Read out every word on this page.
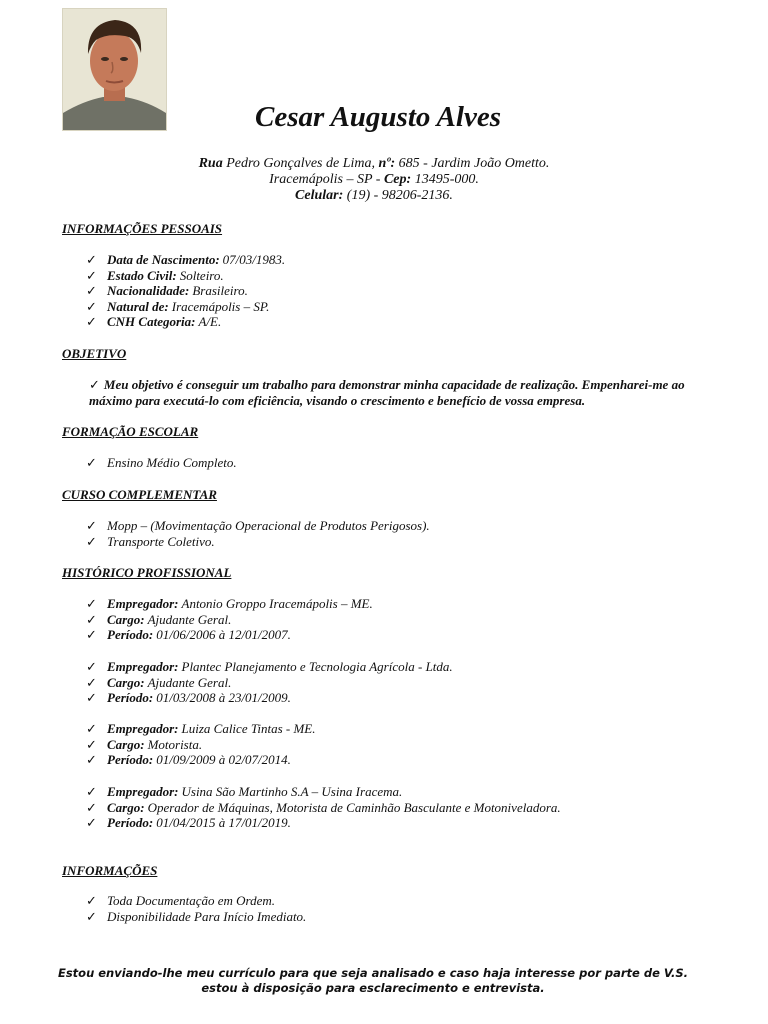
Cesar Augusto Alves
Rua Pedro Gonçalves de Lima, nº: 685 - Jardim João Ometto.
Iracemápolis – SP - Cep: 13495-000.
Celular: (19) - 98206-2136.
INFORMAÇÕES PESSOAIS
✓ Data de Nascimento: 07/03/1983.
✓ Estado Civil: Solteiro.
✓ Nacionalidade: Brasileiro.
✓ Natural de: Iracemápolis – SP.
✓ CNH Categoria: A/E.
OBJETIVO
✓ Meu objetivo é conseguir um trabalho para demonstrar minha capacidade de realização. Empenharei-me ao máximo para executá-lo com eficiência, visando o crescimento e benefício de vossa empresa.
FORMAÇÃO ESCOLAR
✓ Ensino Médio Completo.
CURSO COMPLEMENTAR
✓ Mopp – (Movimentação Operacional de Produtos Perigosos).
✓ Transporte Coletivo.
HISTÓRICO PROFISSIONAL
✓ Empregador: Antonio Groppo Iracemápolis – ME.
✓ Cargo: Ajudante Geral.
✓ Período: 01/06/2006 à 12/01/2007.
✓ Empregador: Plantec Planejamento e Tecnologia Agrícola - Ltda.
✓ Cargo: Ajudante Geral.
✓ Período: 01/03/2008 à 23/01/2009.
✓ Empregador: Luiza Calice Tintas - ME.
✓ Cargo: Motorista.
✓ Período: 01/09/2009 à 02/07/2014.
✓ Empregador: Usina São Martinho S.A – Usina Iracema.
✓ Cargo: Operador de Máquinas, Motorista de Caminhão Basculante e Motoniveladora.
✓ Período: 01/04/2015 à 17/01/2019.
INFORMAÇÕES
✓ Toda Documentação em Ordem.
✓ Disponibilidade Para Início Imediato.
Estou enviando-lhe meu currículo para que seja analisado e caso haja interesse por parte de V.S.
estou à disposição para esclarecimento e entrevista.
